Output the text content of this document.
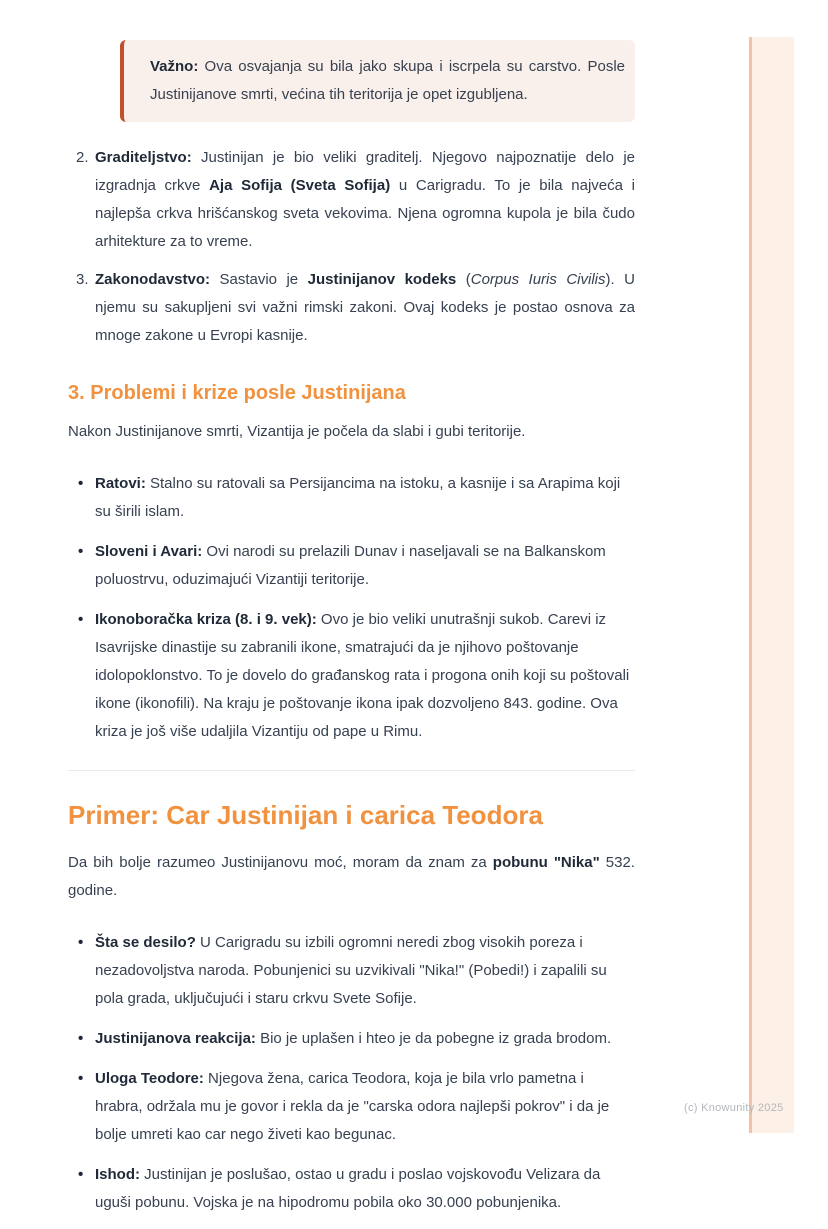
(c) Knowunity 2025
Važno: Ova osvajanja su bila jako skupa i iscrpela su carstvo. Posle Justinijanove smrti, većina tih teritorija je opet izgubljena.
2. Graditeljstvo: Justinijan je bio veliki graditelj. Njegovo najpoznatije delo je izgradnja crkve Aja Sofija (Sveta Sofija) u Carigradu. To je bila najveća i najlepša crkva hrišćanskog sveta vekovima. Njena ogromna kupola je bila čudo arhitekture za to vreme.
3. Zakonodavstvo: Sastavio je Justinijanov kodeks (Corpus Iuris Civilis). U njemu su sakupljeni svi važni rimski zakoni. Ovaj kodeks je postao osnova za mnoge zakone u Evropi kasnije.
3. Problemi i krize posle Justinijana

Nakon Justinijanove smrti, Vizantija je počela da slabi i gubi teritorije.

• Ratovi: Stalno su ratovali sa Persijancima na istoku, a kasnije i sa Arapima koji su širili islam.
• Sloveni i Avari: Ovi narodi su prelazili Dunav i naseljavali se na Balkanskom poluostrvu, oduzimajući Vizantiji teritorije.
• Ikonoboračka kriza (8. i 9. vek): Ovo je bio veliki unutrašnji sukob. Carevi iz Isavrijske dinastije su zabranili ikone, smatrajući da je njihovo poštovanje idolopoklonstvo. To je dovelo do građanskog rata i progona onih koji su poštovali ikone (ikonofili). Na kraju je poštovanje ikona ipak dozvoljeno 843. godine. Ova kriza je još više udaljila Vizantiju od pape u Rimu.
Primer: Car Justinijan i carica Teodora

Da bih bolje razumeo Justinijanovu moć, moram da znam za pobunu "Nika" 532. godine.

• Šta se desilo? U Carigradu su izbili ogromni neredi zbog visokih poreza i nezadovoljstva naroda. Pobunjenici su uzvikivali "Nika!" (Pobedi!) i zapalili su pola grada, uključujući i staru crkvu Svete Sofije.
• Justinijanova reakcija: Bio je uplašen i hteo je da pobegne iz grada brodom.
• Uloga Teodore: Njegova žena, carica Teodora, koja je bila vrlo pametna i hrabra, održala mu je govor i rekla da je "carska odora najlepši pokrov" i da je bolje umreti kao car nego živeti kao begunac.
• Ishod: Justinijan je poslušao, ostao u gradu i poslao vojskovođu Velizara da uguši pobunu. Vojska je na hipodromu pobila oko 30.000 pobunjenika.
